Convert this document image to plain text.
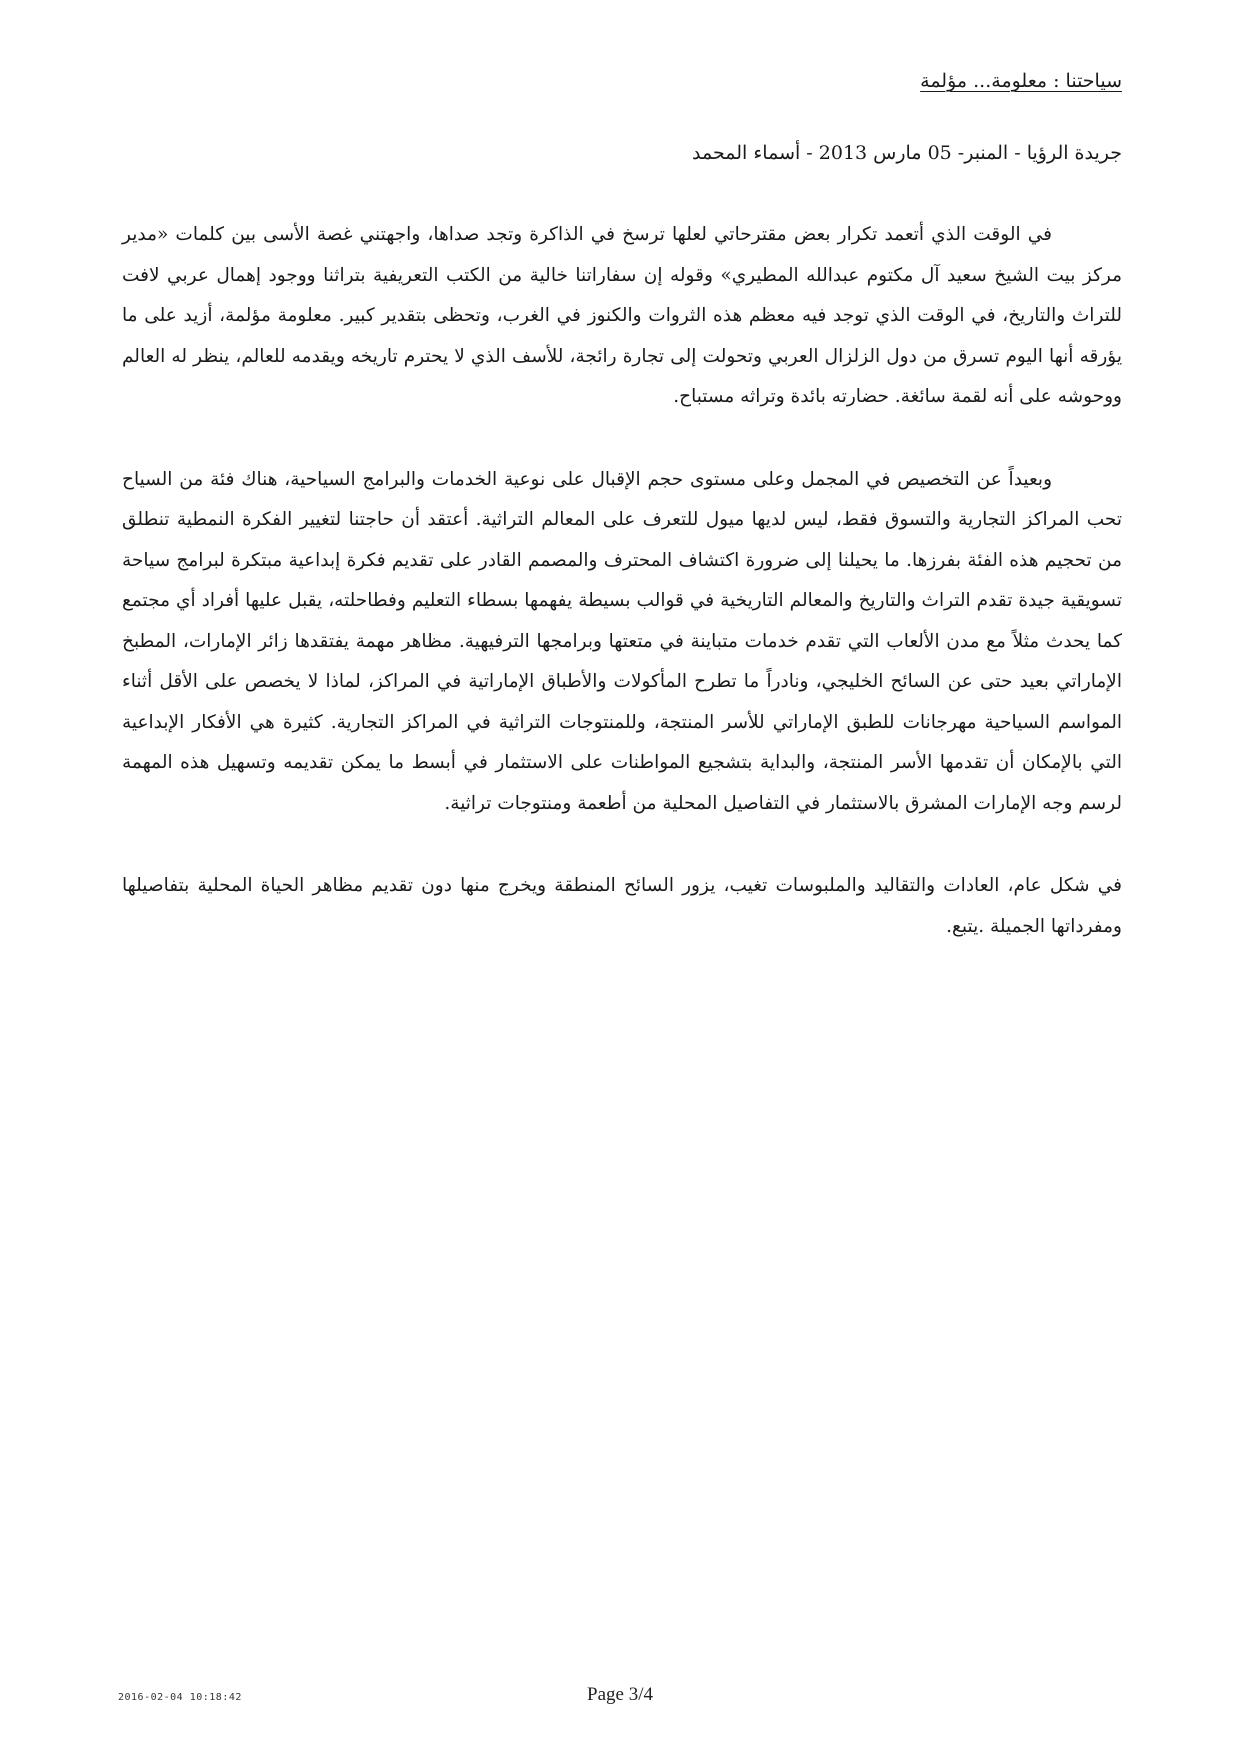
سياحتنا : معلومة... مؤلمة
جريدة الرؤيا - المنبر- 05 مارس 2013 - أسماء المحمد

في الوقت الذي أتعمد تكرار بعض مقترحاتي لعلها ترسخ في الذاكرة وتجد صداها، واجهتني غصة الأسى بين كلمات «مدير مركز بيت الشيخ سعيد آل مكتوم عبدالله المطيري» وقوله إن سفاراتنا خالية من الكتب التعريفية بتراثنا ووجود إهمال عربي لافت للتراث والتاريخ، في الوقت الذي توجد فيه معظم هذه الثروات والكنوز في الغرب، وتحظى بتقدير كبير. معلومة مؤلمة، أزيد على ما يؤرقه أنها اليوم تسرق من دول الزلزال العربي وتحولت إلى تجارة رائجة، للأسف الذي لا يحترم تاريخه ويقدمه للعالم، ينظر له العالم ووحوشه على أنه لقمة سائغة. حضارته بائدة وتراثه مستباح.

وبعيداً عن التخصيص في المجمل وعلى مستوى حجم الإقبال على نوعية الخدمات والبرامج السياحية، هناك فئة من السياح تحب المراكز التجارية والتسوق فقط، ليس لديها ميول للتعرف على المعالم التراثية. أعتقد أن حاجتنا لتغيير الفكرة النمطية تنطلق من تحجيم هذه الفئة بفرزها. ما يحيلنا إلى ضرورة اكتشاف المحترف والمصمم القادر على تقديم فكرة إبداعية مبتكرة لبرامج سياحة تسويقية جيدة تقدم التراث والتاريخ والمعالم التاريخية في قوالب بسيطة يفهمها بسطاء التعليم وفطاحلته، يقبل عليها أفراد أي مجتمع كما يحدث مثلاً مع مدن الألعاب التي تقدم خدمات متباينة في متعتها وبرامجها الترفيهية. مظاهر مهمة يفتقدها زائر الإمارات، المطبخ الإماراتي بعيد حتى عن السائح الخليجي، ونادراً ما تطرح المأكولات والأطباق الإماراتية في المراكز، لماذا لا يخصص على الأقل أثناء المواسم السياحية مهرجانات للطبق الإماراتي للأسر المنتجة، وللمنتوجات التراثية في المراكز التجارية. كثيرة هي الأفكار الإبداعية التي بالإمكان أن تقدمها الأسر المنتجة، والبداية بتشجيع المواطنات على الاستثمار في أبسط ما يمكن تقديمه وتسهيل هذه المهمة لرسم وجه الإمارات المشرق بالاستثمار في التفاصيل المحلية من أطعمة ومنتوجات تراثية.

في شكل عام، العادات والتقاليد والملبوسات تغيب، يزور السائح المنطقة ويخرج منها دون تقديم مظاهر الحياة المحلية بتفاصيلها ومفرداتها الجميلة .يتبع.

2016-02-04 10:18:42	Page 3/4
